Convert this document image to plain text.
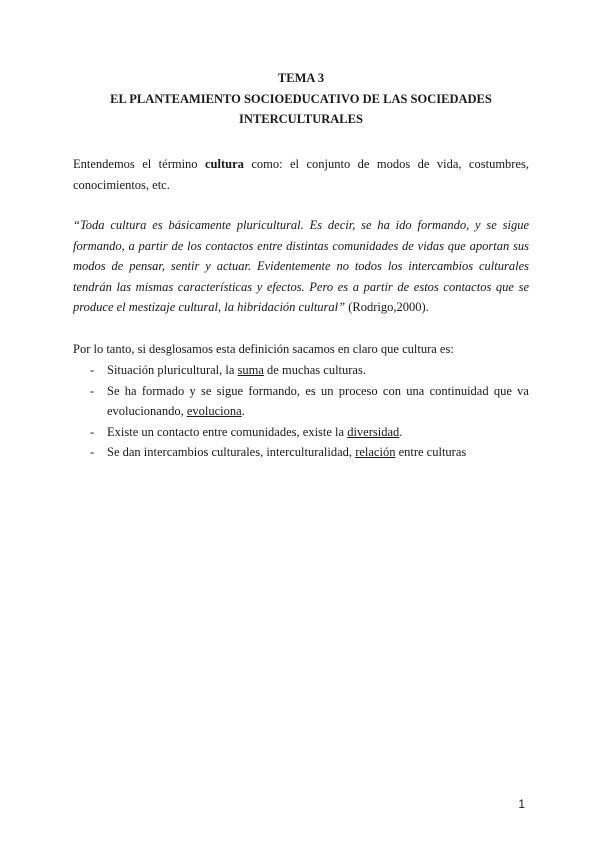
TEMA 3
EL PLANTEAMIENTO SOCIOEDUCATIVO DE LAS SOCIEDADES
INTERCULTURALES

Entendemos el término cultura como: el conjunto de modos de vida, costumbres, conocimientos, etc.

“Toda cultura es básicamente pluricultural. Es decir, se ha ido formando, y se sigue formando, a partir de los contactos entre distintas comunidades de vidas que aportan sus modos de pensar, sentir y actuar. Evidentemente no todos los intercambios culturales tendrán las mismas características y efectos. Pero es a partir de estos contactos que se produce el mestizaje cultural, la hibridación cultural” (Rodrigo,2000).

Por lo tanto, si desglosamos esta definición sacamos en claro que cultura es:

- Situación pluricultural, la suma de muchas culturas.
- Se ha formado y se sigue formando, es un proceso con una continuidad que va evolucionando, evoluciona.
- Existe un contacto entre comunidades, existe la diversidad.
- Se dan intercambios culturales, interculturalidad, relación entre culturas
1
